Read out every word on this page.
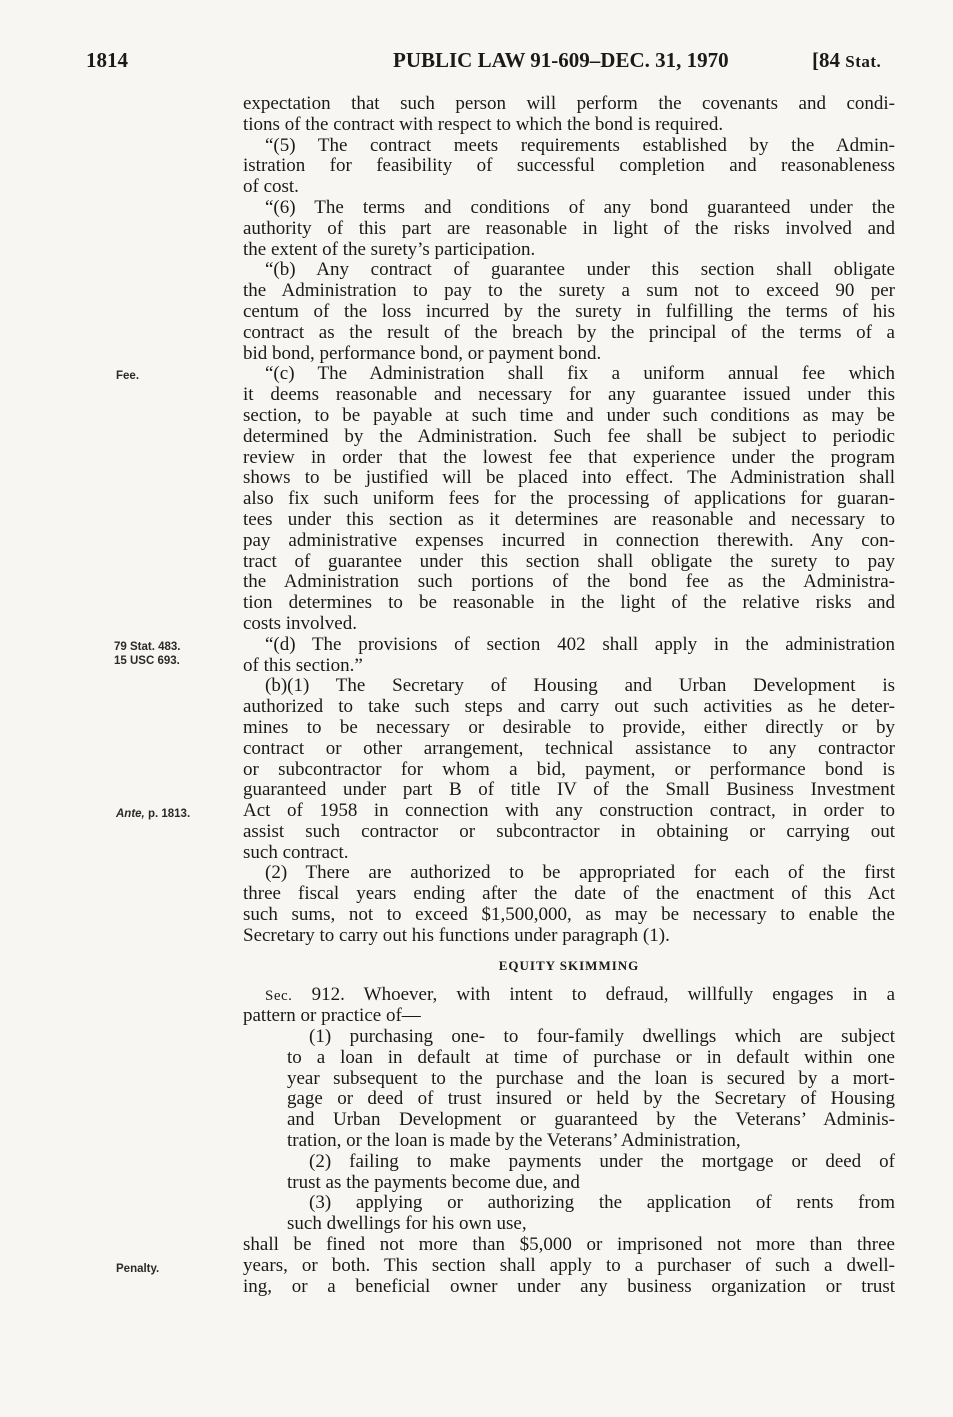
1814	PUBLIC LAW 91-609–DEC. 31, 1970	[84 Stat.
Fee.
79 Stat. 483.
15 USC 693.
Ante, p. 1813.
Penalty.
expectation that such person will perform the covenants and condi-
tions of the contract with respect to which the bond is required.
“(5) The contract meets requirements established by the Admin-
istration for feasibility of successful completion and reasonableness
of cost.
“(6) The terms and conditions of any bond guaranteed under the
authority of this part are reasonable in light of the risks involved and
the extent of the surety’s participation.
“(b) Any contract of guarantee under this section shall obligate
the Administration to pay to the surety a sum not to exceed 90 per
centum of the loss incurred by the surety in fulfilling the terms of his
contract as the result of the breach by the principal of the terms of a
bid bond, performance bond, or payment bond.
“(c) The Administration shall fix a uniform annual fee which
it deems reasonable and necessary for any guarantee issued under this
section, to be payable at such time and under such conditions as may be
determined by the Administration. Such fee shall be subject to periodic
review in order that the lowest fee that experience under the program
shows to be justified will be placed into effect. The Administration shall
also fix such uniform fees for the processing of applications for guaran-
tees under this section as it determines are reasonable and necessary to
pay administrative expenses incurred in connection therewith. Any con-
tract of guarantee under this section shall obligate the surety to pay
the Administration such portions of the bond fee as the Administra-
tion determines to be reasonable in the light of the relative risks and
costs involved.
“(d) The provisions of section 402 shall apply in the administration
of this section.”
(b)(1) The Secretary of Housing and Urban Development is
authorized to take such steps and carry out such activities as he deter-
mines to be necessary or desirable to provide, either directly or by
contract or other arrangement, technical assistance to any contractor
or subcontractor for whom a bid, payment, or performance bond is
guaranteed under part B of title IV of the Small Business Investment
Act of 1958 in connection with any construction contract, in order to
assist such contractor or subcontractor in obtaining or carrying out
such contract.
(2) There are authorized to be appropriated for each of the first
three fiscal years ending after the date of the enactment of this Act
such sums, not to exceed $1,500,000, as may be necessary to enable the
Secretary to carry out his functions under paragraph (1).
EQUITY SKIMMING
Sec. 912. Whoever, with intent to defraud, willfully engages in a
pattern or practice of—
(1) purchasing one- to four-family dwellings which are subject
to a loan in default at time of purchase or in default within one
year subsequent to the purchase and the loan is secured by a mort-
gage or deed of trust insured or held by the Secretary of Housing
and Urban Development or guaranteed by the Veterans’ Adminis-
tration, or the loan is made by the Veterans’ Administration,
(2) failing to make payments under the mortgage or deed of
trust as the payments become due, and
(3) applying or authorizing the application of rents from
such dwellings for his own use,
shall be fined not more than $5,000 or imprisoned not more than three
years, or both. This section shall apply to a purchaser of such a dwell-
ing, or a beneficial owner under any business organization or trust
